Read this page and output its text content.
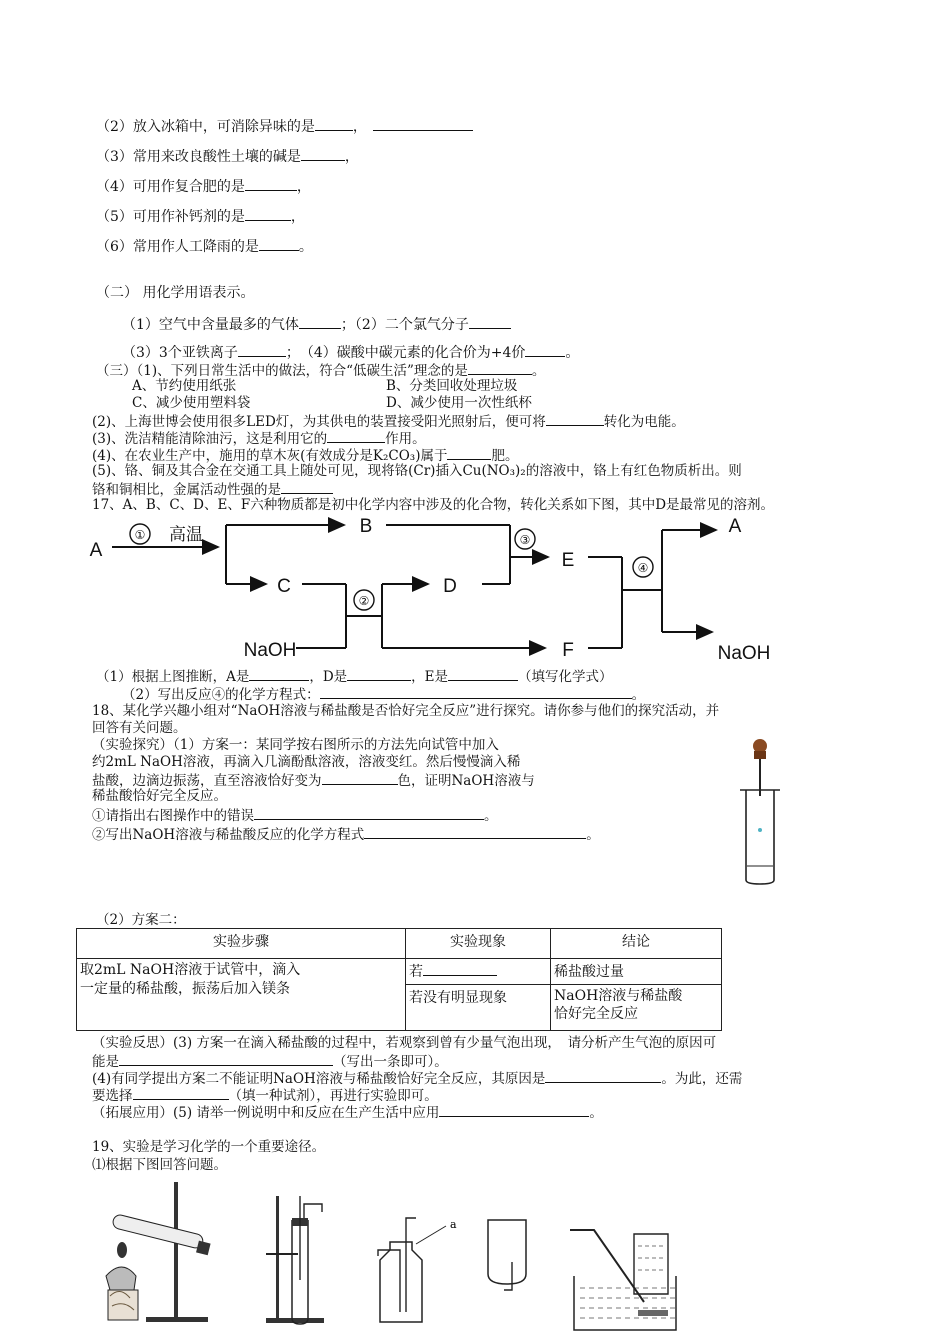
（2）放入冰箱中，可消除异味的是	，
（3）常用来改良酸性土壤的碱是	，
（4）可用作复合肥的是	，
（5）可用作补钙剂的是	，
（6）常用作人工降雨的是	。
（二） 用化学用语表示。
（1）空气中含量最多的气体	；（2）二个氯气分子
（3）3个亚铁离子	；　（4）碳酸中碳元素的化合价为+4价	。
（三）（1)、下列日常生活中的做法，符合“低碳生活”理念的是	。
A、节约使用纸张	B、分类回收处理垃圾
C、减少使用塑料袋	D、减少使用一次性纸杯
(2)、上海世博会使用很多LED灯，为其供电的装置接受阳光照射后，便可将	转化为电能。
(3)、洗洁精能清除油污，这是利用它的	作用。
(4)、在农业生产中，施用的草木灰(有效成分是K₂CO₃)属于	肥。
(5)、铬、铜及其合金在交通工具上随处可见，现将铬(Cr)插入Cu(NO₃)₂的溶液中，铬上有红色物质析出。则
铬和铜相比，金属活动性强的是
17、A、B、C、D、E、F六种物质都是初中化学内容中涉及的化合物，转化关系如下图，其中D是最常见的溶剂。
A
B
C	D
E
F
A
NaOH	NaOH
高温
①
②
③
④
（1）根据上图推断，A是	，D是	，E是	（填写化学式）
（2）写出反应④的化学方程式：	。
18、某化学兴趣小组对“NaOH溶液与稀盐酸是否恰好完全反应”进行探究。请你参与他们的探究活动，并
回答有关问题。
（实验探究）（1）方案一：某同学按右图所示的方法先向试管中加入
约2mL NaOH溶液，再滴入几滴酚酞溶液，溶液变红。然后慢慢滴入稀
盐酸，边滴边振荡，直至溶液恰好变为	色，证明NaOH溶液与
稀盐酸恰好完全反应。
①请指出右图操作中的错误	。
②写出NaOH溶液与稀盐酸反应的化学方程式	。
（2）方案二：
实验步骤	实验现象	结论

取2mL NaOH溶液于试管中，滴入
一定量的稀盐酸，振荡后加入镁条	若	稀盐酸过量
	若没有明显现象	NaOH溶液与稀盐酸
恰好完全反应
（实验反思）(3) 方案一在滴入稀盐酸的过程中，若观察到曾有少量气泡出现，　请分析产生气泡的原因可
能是	（写出一条即可）。
(4)有同学提出方案二不能证明NaOH溶液与稀盐酸恰好完全反应，其原因是	。为此，还需
要选择	（填一种试剂），再进行实验即可。
（拓展应用）(5) 请举一例说明中和反应在生产生活中应用	。
19、实验是学习化学的一个重要途径。
⑴根据下图回答问题。
a
